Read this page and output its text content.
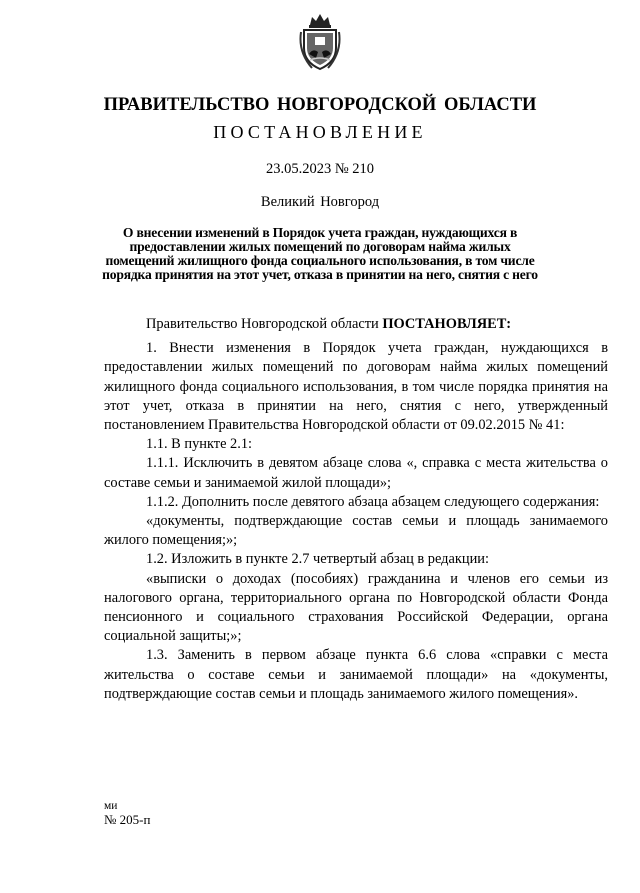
ПРАВИТЕЛЬСТВО НОВГОРОДСКОЙ ОБЛАСТИ
ПОСТАНОВЛЕНИЕ
23.05.2023 № 210
Великий Новгород
О внесении изменений в Порядок учета граждан, нуждающихся в предоставлении жилых помещений по договорам найма жилых помещений жилищного фонда социального использования, в том числе порядка принятия на этот учет, отказа в принятии на него, снятия с него

Правительство Новгородской области ПОСТАНОВЛЯЕТ:

1. Внести изменения в Порядок учета граждан, нуждающихся в предоставлении жилых помещений по договорам найма жилых помещений жилищного фонда социального использования, в том числе порядка принятия на этот учет, отказа в принятии на него, снятия с него, утвержденный постановлением Правительства Новгородской области от 09.02.2015 № 41:

1.1. В пункте 2.1:

1.1.1. Исключить в девятом абзаце слова «, справка с места жительства о составе семьи и занимаемой жилой площади»;

1.1.2. Дополнить после девятого абзаца абзацем следующего содержания:

«документы, подтверждающие состав семьи и площадь занимаемого жилого помещения;»;

1.2. Изложить в пункте 2.7 четвертый абзац в редакции:

«выписки о доходах (пособиях) гражданина и членов его семьи из налогового органа, территориального органа по Новгородской области Фонда пенсионного и социального страхования Российской Федерации, органа социальной защиты;»;

1.3. Заменить в первом абзаце пункта 6.6 слова «справки с места жительства о составе семьи и занимаемой площади» на «документы, подтверждающие состав семьи и площадь занимаемого жилого помещения».

ми
№ 205-п
